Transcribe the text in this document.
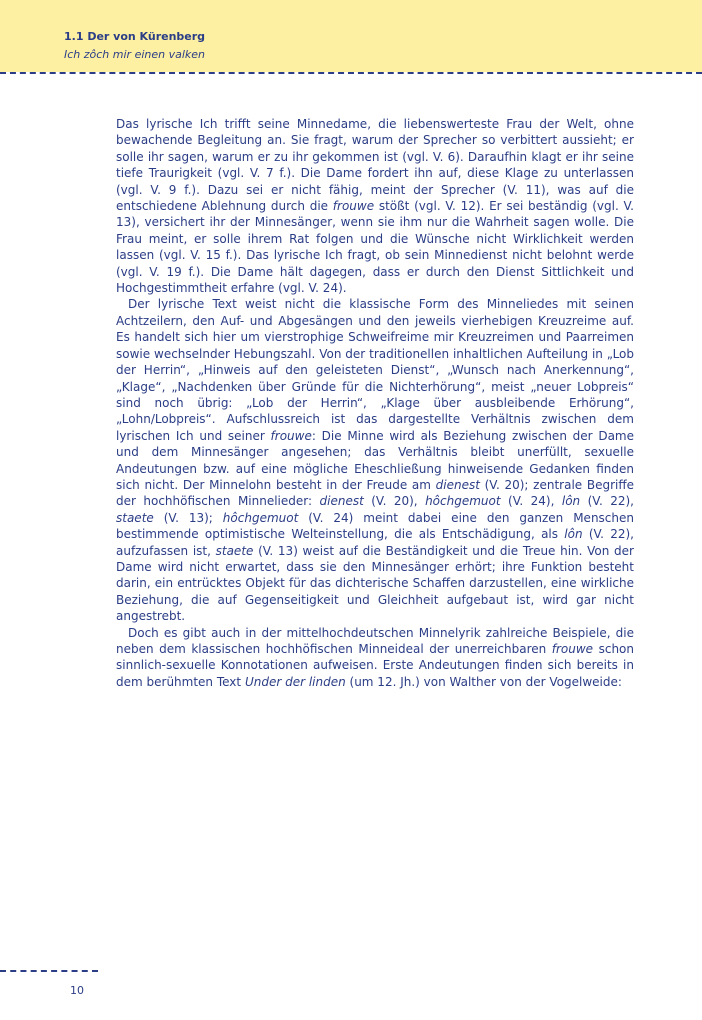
1.1 Der von Kürenberg
Ich zôch mir einen valken

Das lyrische Ich trifft seine Minnedame, die liebenswerteste Frau der Welt, ohne bewachende Begleitung an. Sie fragt, warum der Sprecher so verbittert aussieht; er solle ihr sagen, warum er zu ihr gekommen ist (vgl. V. 6). Daraufhin klagt er ihr seine tiefe Traurigkeit (vgl. V. 7 f.). Die Dame fordert ihn auf, diese Klage zu unterlassen (vgl. V. 9 f.). Dazu sei er nicht fähig, meint der Sprecher (V. 11), was auf die entschiedene Ablehnung durch die frouwe stößt (vgl. V. 12). Er sei beständig (vgl. V. 13), versichert ihr der Minnesänger, wenn sie ihm nur die Wahrheit sagen wolle. Die Frau meint, er solle ihrem Rat folgen und die Wünsche nicht Wirklichkeit werden lassen (vgl. V. 15 f.). Das lyrische Ich fragt, ob sein Minnedienst nicht belohnt werde (vgl. V. 19 f.). Die Dame hält dagegen, dass er durch den Dienst Sittlichkeit und Hochgestimmtheit erfahre (vgl. V. 24).

Der lyrische Text weist nicht die klassische Form des Minneliedes mit seinen Achtzeilern, den Auf- und Abgesängen und den jeweils vierhebigen Kreuzreime auf. Es handelt sich hier um vierstrophige Schweifreime mir Kreuzreimen und Paarreimen sowie wechselnder Hebungszahl. Von der traditionellen inhaltlichen Aufteilung in „Lob der Herrin“, „Hinweis auf den geleisteten Dienst“, „Wunsch nach Anerkennung“, „Klage“, „Nachdenken über Gründe für die Nichterhörung“, meist „neuer Lobpreis“ sind noch übrig: „Lob der Herrin“, „Klage über ausbleibende Erhörung“, „Lohn/Lobpreis“. Aufschlussreich ist das dargestellte Verhältnis zwischen dem lyrischen Ich und seiner frouwe: Die Minne wird als Beziehung zwischen der Dame und dem Minnesänger angesehen; das Verhältnis bleibt unerfüllt, sexuelle Andeutungen bzw. auf eine mögliche Eheschließung hinweisende Gedanken finden sich nicht. Der Minnelohn besteht in der Freude am dienest (V. 20); zentrale Begriffe der hochhöfischen Minnelieder: dienest (V. 20), hôchgemuot (V. 24), lôn (V. 22), staete (V. 13); hôchgemuot (V. 24) meint dabei eine den ganzen Menschen bestimmende optimistische Welteinstellung, die als Entschädigung, als lôn (V. 22), aufzufassen ist, staete (V. 13) weist auf die Beständigkeit und die Treue hin. Von der Dame wird nicht erwartet, dass sie den Minnesänger erhört; ihre Funktion besteht darin, ein entrücktes Objekt für das dichterische Schaffen darzustellen, eine wirkliche Beziehung, die auf Gegenseitigkeit und Gleichheit aufgebaut ist, wird gar nicht angestrebt.

Doch es gibt auch in der mittelhochdeutschen Minnelyrik zahlreiche Beispiele, die neben dem klassischen hochhöfischen Minneideal der unerreichbaren frouwe schon sinnlich-sexuelle Konnotationen aufweisen. Erste Andeutungen finden sich bereits in dem berühmten Text Under der linden (um 12. Jh.) von Walther von der Vogelweide:

10
